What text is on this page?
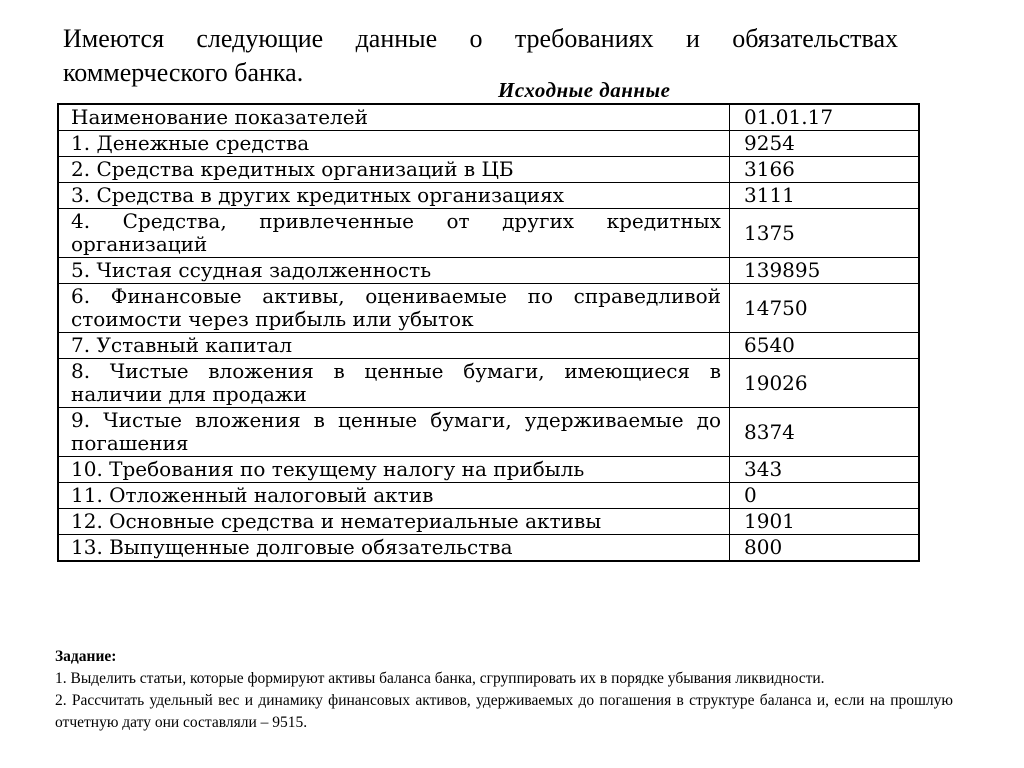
Имеются следующие данные о требованиях и обязательствах коммерческого банка.

Исходные данные

Наименование показателей	01.01.17
1. Денежные средства	9254
2. Средства кредитных организаций в ЦБ	3166
3. Средства в других кредитных организациях	3111
4. Средства, привлеченные от других кредитных организаций	1375
5. Чистая ссудная задолженность	139895
6. Финансовые активы, оцениваемые по справедливой стоимости через прибыль или убыток	14750
7. Уставный капитал	6540
8. Чистые вложения в ценные бумаги, имеющиеся в наличии для продажи	19026
9. Чистые вложения в ценные бумаги, удерживаемые до погашения	8374
10. Требования по текущему налогу на прибыль	343
11. Отложенный налоговый актив	0
12. Основные средства и нематериальные активы	1901
13. Выпущенные долговые обязательства	800

Задание:

1. Выделить статьи, которые формируют активы баланса банка, сгруппировать их в порядке убывания ликвидности.

2. Рассчитать удельный вес и динамику финансовых активов, удерживаемых до погашения в структуре баланса и, если на прошлую отчетную дату они составляли – 9515.
